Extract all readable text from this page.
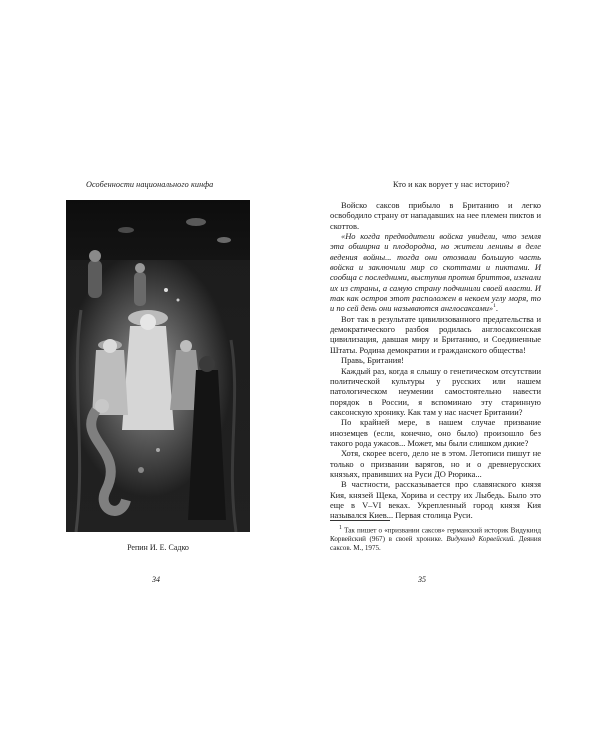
Особенности национального кинфа	Кто и как ворует у нас историю?
Репин И. Е. Садко
34

Войско саксов прибыло в Британию и легко освободило страну от нападавших на нее племен пиктов и скоттов.

«Но когда предводители войска увидели, что земля эта обширна и плодородна, но жители ленивы в деле ведения войны... тогда они отозвали большую часть войска и заключили мир со скоттами и пиктами. И сообща с последними, выступив против бриттов, изгнали их из страны, а самую страну подчинили своей власти. И так как остров этот расположен в некоем углу моря, то и по сей день они называются англосаксами»$^1$.

Вот так в результате цивилизованного предательства и демократического разбоя родилась англосаксонская цивилизация, давшая миру и Британию, и Соединенные Штаты. Родина демократии и гражданского общества!

Правь, Британия!

Каждый раз, когда я слышу о генетическом отсутствии политической культуры у русских или нашем патологическом неумении самостоятельно навести порядок в России, я вспоминаю эту старинную саксонскую хронику. Как там у нас насчет Британии?

По крайней мере, в нашем случае призвание иноземцев (если, конечно, оно было) произошло без такого рода ужасов... Может, мы были слишком дикие?

Хотя, скорее всего, дело не в этом. Летописи пишут не только о призвании варягов, но и о древнерусских князьях, правивших на Руси ДО Рюрика...

В частности, рассказывается про славянского князя Кия, князей Щека, Хорива и сестру их Лыбедь. Было это еще в V–VI веках. Укрепленный город князя Кия назывался Киев... Первая столица Руси.

$^1$ Так пишет о «призвании саксов» германский историк Видукинд Корвейский (967) в своей хронике. Видукинд Корвейский. Деяния саксов. М., 1975.
35
